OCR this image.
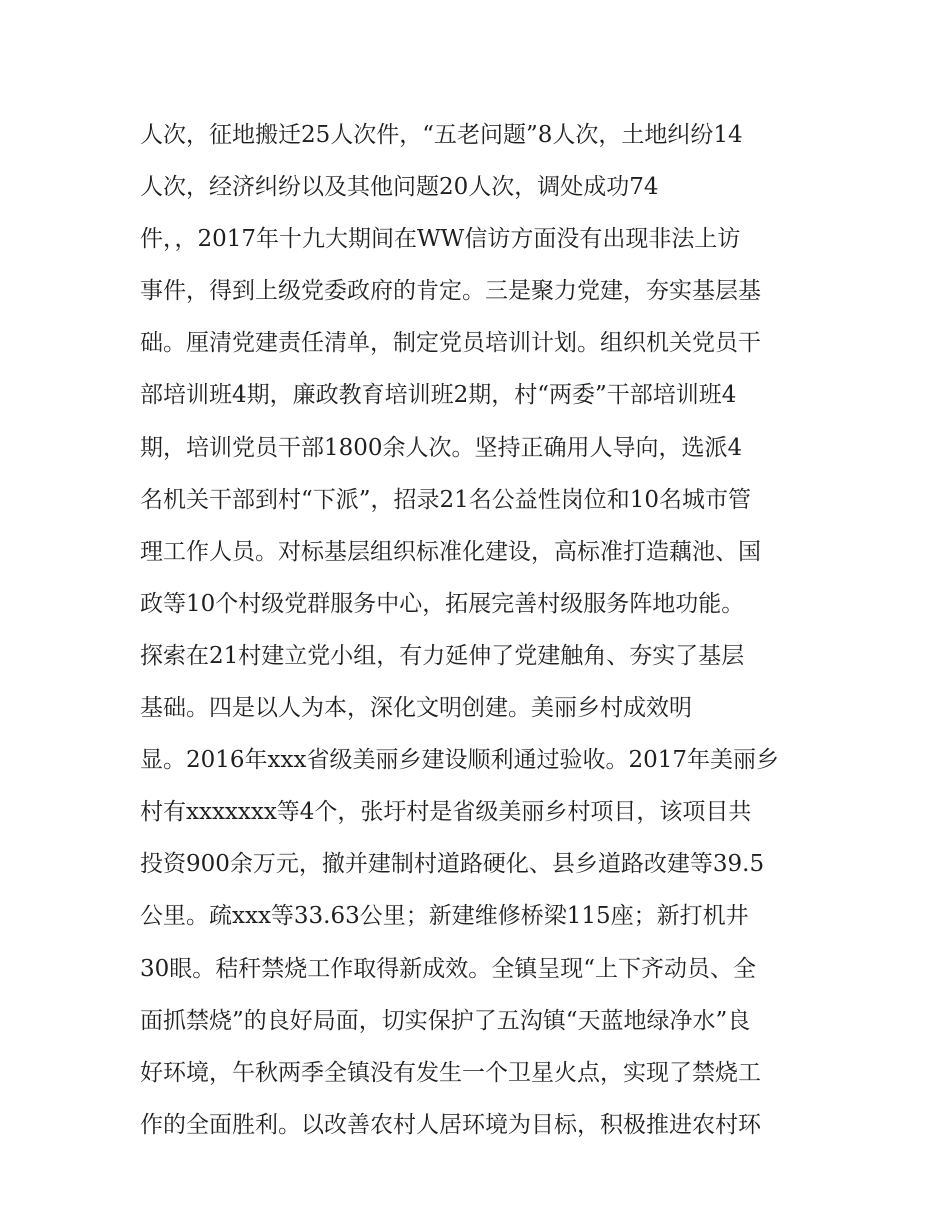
人次，征地搬迁25人次件，“五老问题”8人次，土地纠纷14
人次，经济纠纷以及其他问题20人次，调处成功74
件，，2017年十九大期间在WW信访方面没有出现非法上访
事件，得到上级党委政府的肯定。三是聚力党建，夯实基层基
础。厘清党建责任清单，制定党员培训计划。组织机关党员干
部培训班4期，廉政教育培训班2期，村“两委”干部培训班4
期，培训党员干部1800余人次。坚持正确用人导向，选派4
名机关干部到村“下派”，招录21名公益性岗位和10名城市管
理工作人员。对标基层组织标准化建设，高标准打造藕池、国
政等10个村级党群服务中心，拓展完善村级服务阵地功能。
探索在21村建立党小组，有力延伸了党建触角、夯实了基层
基础。四是以人为本，深化文明创建。美丽乡村成效明
显。2016年xxx省级美丽乡建设顺利通过验收。2017年美丽乡
村有xxxxxxx等4个，张圩村是省级美丽乡村项目，该项目共
投资900余万元，撤并建制村道路硬化、县乡道路改建等39.5
公里。疏xxx等33.63公里；新建维修桥梁115座；新打机井
30眼。秸秆禁烧工作取得新成效。全镇呈现“上下齐动员、全
面抓禁烧”的良好局面，切实保护了五沟镇“天蓝地绿净水”良
好环境，午秋两季全镇没有发生一个卫星火点，实现了禁烧工
作的全面胜利。以改善农村人居环境为目标，积极推进农村环
